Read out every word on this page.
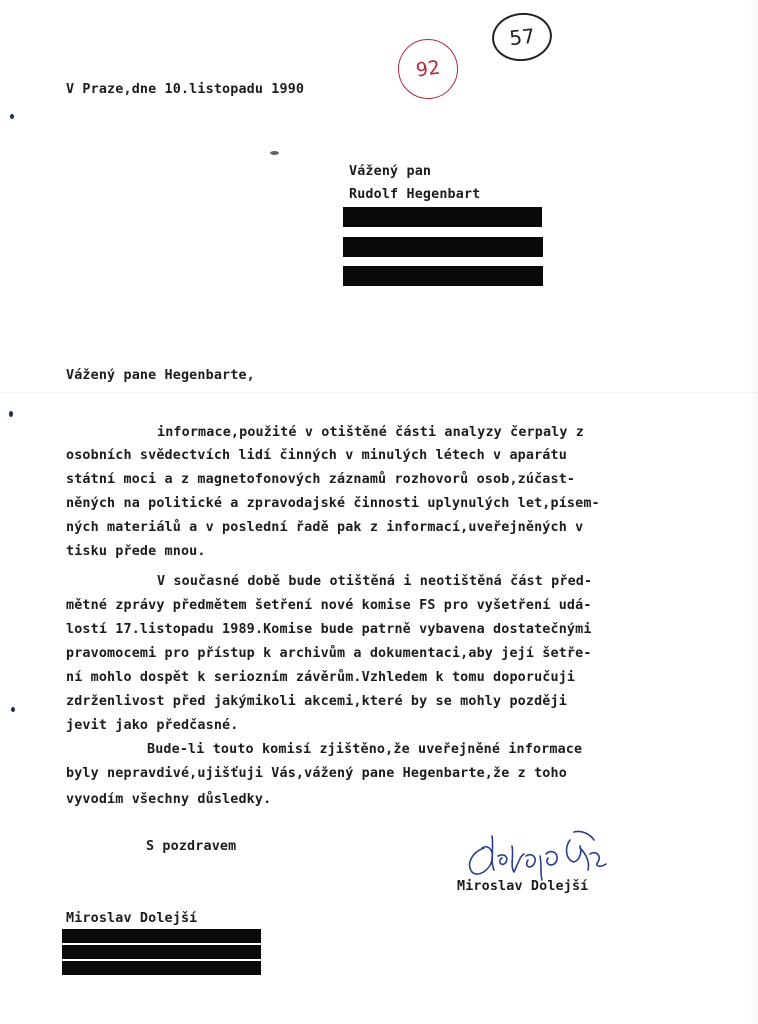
92
57
V Praze,dne 10.listopadu 1990
Vážený pan
Rudolf Hegenbart
Vážený pane Hegenbarte,
informace,použité v otištěné části analyzy čerpaly z
osobních svědectvích lidí činných v minulých létech v aparátu
státní moci a z magnetofonových záznamů rozhovorů osob,zúčast-
něných na politické a zpravodajské činnosti uplynulých let,písem-
ných materiálů a v poslední řadě pak z informací,uveřejněných v
tisku přede mnou.
V současné době bude otištěná i neotištěná část před-
mětné zprávy předmětem šetření nové komise FS pro vyšetření udá-
lostí 17.listopadu 1989.Komise bude patrně vybavena dostatečnými
pravomocemi pro přístup k archivům a dokumentaci,aby její šetře-
ní mohlo dospět k seriozním závěrům.Vzhledem k tomu doporučuji
zdrženlivost před jakýmikoli akcemi,které by se mohly později
jevit jako předčasné.
Bude-li touto komisí zjištěno,že uveřejněné informace
byly nepravdivé,ujišťuji Vás,vážený pane Hegenbarte,že z toho
vyvodím všechny důsledky.
S pozdravem
Miroslav Dolejší
Miroslav Dolejší
